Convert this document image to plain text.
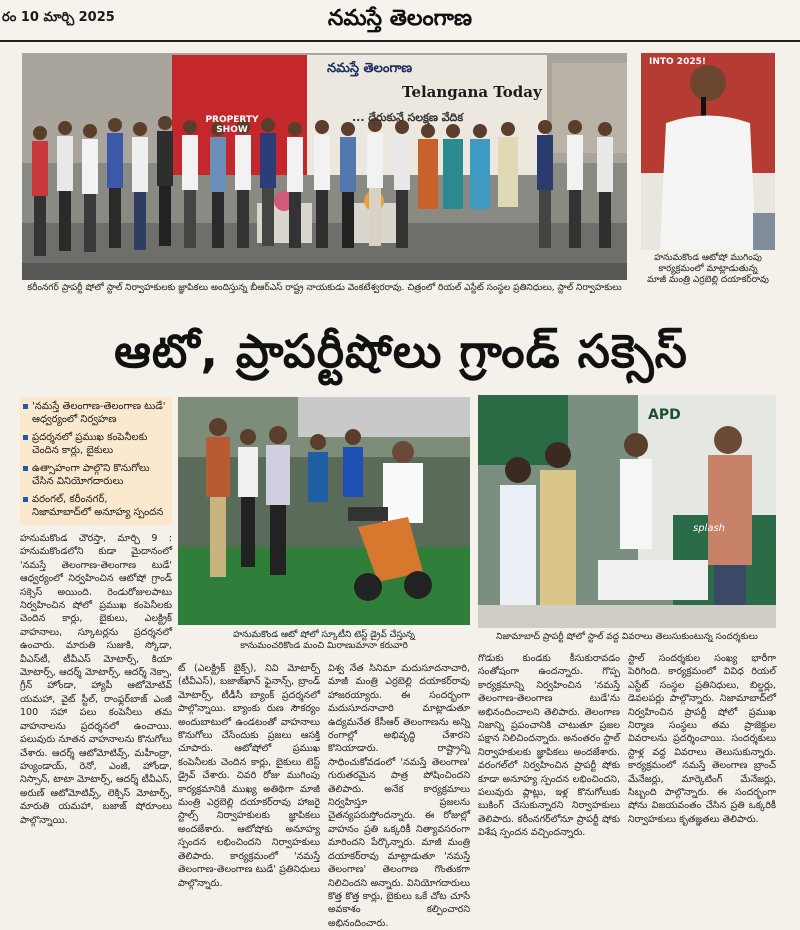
రం 10 మార్చి 2025	నమస్తే తెలంగాణ
PROPERTY SHOW
నమస్తే తెలంగాణ
Telangana Today
... దేరుకునే సలక్షణ వేదిక
కరీంనగర్ ప్రాపర్టీ షోలో స్టాల్ నిర్వాహకులకు జ్ఞాపికలు అందిస్తున్న బీఆర్ఎస్ రాష్ట్ర నాయకుడు వెంకటేశ్వరరావు. చిత్రంలో రియల్ ఎస్టేట్ సంస్థల ప్రతినిధులు, స్టాల్ నిర్వాహకులు
INTO 2025!
హనుమకొండ ఆటోషో ముగింపు
కార్యక్రమంలో మాట్లాడుతున్న
మాజీ మంత్రి ఎర్రబెల్లి దయాకర్‌రావు
ఆటో, ప్రాపర్టీషోలు గ్రాండ్ సక్సెస్
'నమస్తే తెలంగాణ-తెలంగాణ టుడే' ఆధ్వర్యంలో నిర్వహణ
ప్రదర్శనలో ప్రముఖ కంపెనీలకు చెందిన కార్లు, బైకులు
ఉత్సాహంగా పాల్గొని కొనుగోలు చేసిన వినియోగదారులు
వరంగల్, కరీంనగర్, నిజామాబాద్‌లో అనూహ్య స్పందన
హనుమకొండ ఆటో షోలో స్కూటీని టెస్ట్ డ్రైవ్ చేస్తున్న
కానుమంచరికొండ మంచి మిరాణుమానా కరువారి
APD
splash
నిజామాబాద్ ప్రాపర్టీ షోలో స్టాల్ వద్ద వివరాలు తెలుసుకుంటున్న సందర్శకులు
హనుమకొండ చౌరస్తా, మార్చి 9 : హనుమకొండలోని కుడా మైదానంలో 'నమస్తే తెలంగాణ-తెలంగాణ టుడే' ఆధ్వర్యంలో నిర్వహించిన ఆటోషో గ్రాండ్ సక్సెస్ అయింది. రెండురోజులపాటు నిర్వహించిన షోలో ప్రముఖ కంపెనీలకు చెందిన కార్లు, బైకులు, ఎలక్ట్రిక్ వాహనాలు, స్కూటర్లను ప్రదర్శనలో ఉంచారు. మారుతి సుజుకి, స్కోడా, వీఎస్‌టీ, టీవీఎస్ మోటార్స్, కియా మోటార్స్, ఆదర్శ్ మోటార్స్, ఆదర్శ్ నెక్సా, గ్రీన్ హోండా, హ్యాపీ ఆటోమోటివ్ యమహా, వైట్ స్టీల్, రాంఫ్లర్‌బాజ్ ఎంజీ 100 సహా పలు కంపెనీలు తమ వాహనాలను ప్రదర్శనలో ఉంచాయి. పలువురు నూతన వాహనాలను కొనుగోలు చేశారు. ఆదర్శ్ ఆటోమోటివ్స్, మహీంద్రా, హ్యుండాయ్, రెనో, ఎంజీ, హోండా, నిస్సాన్, టాటా మోటార్స్, ఆదర్శ్ టీవీఎస్, అరుణ్ ఆటోమోటివ్స్, లెక్సిస్ మోటార్స్, మారుతి యమహా, బజాజ్ షోరూంలు పాల్గొన్నాయి.
ట్ (ఎలక్ట్రిక్ బైక్స్), నివి మోటార్స్ (టీవీఎస్), బజాజ్‌ఖాన్ ఫైనాన్స్, బ్రాండ్ మోటార్స్, టీడీసీ బ్యాంక్ ప్రదర్శనలో పాల్గొన్నాయి. బ్యాంకు రుణ సౌకర్యం అందుబాటులో ఉండటంతో వాహనాలు కొనుగోలు చేసేందుకు ప్రజలు ఆసక్తి చూపారు. ఆటోషోలో ప్రముఖ కంపెనీలకు చెందిన కార్లు, బైకులు టెస్ట్ డ్రైవ్ చేశారు. చివరి రోజు ముగింపు కార్యక్రమానికి ముఖ్య అతిథిగా మాజీ మంత్రి ఎర్రబెల్లి దయాకర్‌రావు హాజరై స్టాల్స్ నిర్వాహకులకు జ్ఞాపికలు అందజేశారు. ఆటోషోకు అనూహ్య స్పందన లభించిందని నిర్వాహకులు తెలిపారు. కార్యక్రమంలో 'నమస్తే తెలంగాణ-తెలంగాణ టుడే' ప్రతినిధులు పాల్గొన్నారు.
విశ్వ నేత సినిమా మదుసూదనాచారి, మాజీ మంత్రి ఎర్రబెల్లి దయాకర్‌రావు హాజరయ్యారు. ఈ సందర్భంగా మదుసూదనాచారి మాట్లాడుతూ ఉద్యమనేత కేసీఆర్ తెలంగాణను అన్ని రంగాల్లో అభివృద్ధి చేశారని కొనియాడారు. రాష్ట్రాన్ని సాధించుకోవడంలో 'నమస్తే తెలంగాణ' గురుతరమైన పాత్ర పోషించిందని తెలిపారు. అనేక కార్యక్రమాలు నిర్వహిస్తూ ప్రజలను చైతన్యపరుస్తోందన్నారు. ఈ రోజుల్లో వాహనం ప్రతి ఒక్కరికీ నిత్యావసరంగా మారిందని పేర్కొన్నారు. మాజీ మంత్రి దయాకర్‌రావు మాట్లాడుతూ 'నమస్తే తెలంగాణ' తెలంగాణ గొంతుకగా నిలిచిందని అన్నారు. వినియోగదారులు కొత్త కొత్త కార్లు, బైకులు ఒకే చోట చూసే అవకాశం కల్పించారని అభినందించారు.
గొడుకు కుండకు కీసుకురావడం సంతోషంగా ఉందన్నారు. గొప్ప కార్యక్రమాన్ని నిర్వహించిన 'నమస్తే తెలంగాణ-తెలంగాణ టుడే'ను అభినందించాలని తెలిపారు. తెలంగాణ నిజాన్ని ప్రపంచానికి చాటుతూ ప్రజల పక్షాన నిలిచిందన్నారు. అనంతరం స్టాల్ నిర్వాహకులకు జ్ఞాపికలు అందజేశారు. వరంగల్‌లో నిర్వహించిన ప్రాపర్టీ షోకు కూడా అనూహ్య స్పందన లభించిందని, పలువురు ప్లాట్లు, ఇళ్ల కొనుగోలుకు బుకింగ్ చేసుకున్నారని నిర్వాహకులు తెలిపారు. కరీంనగర్‌లోనూ ప్రాపర్టీ షోకు విశేష స్పందన వచ్చిందన్నారు.
స్టాల్ సందర్శకుల సంఖ్య భారీగా పెరిగింది. కార్యక్రమంలో వివిధ రియల్ ఎస్టేట్ సంస్థల ప్రతినిధులు, బిల్డర్లు, డెవలపర్లు పాల్గొన్నారు. నిజామాబాద్‌లో నిర్వహించిన ప్రాపర్టీ షోలో ప్రముఖ నిర్మాణ సంస్థలు తమ ప్రాజెక్టుల వివరాలను ప్రదర్శించాయి. సందర్శకులు స్టాళ్ల వద్ద వివరాలు తెలుసుకున్నారు. కార్యక్రమంలో నమస్తే తెలంగాణ బ్రాంచ్ మేనేజర్లు, మార్కెటింగ్ మేనేజర్లు, సిబ్బంది పాల్గొన్నారు. ఈ సందర్భంగా షోను విజయవంతం చేసిన ప్రతి ఒక్కరికీ నిర్వాహకులు కృతజ్ఞతలు తెలిపారు.
